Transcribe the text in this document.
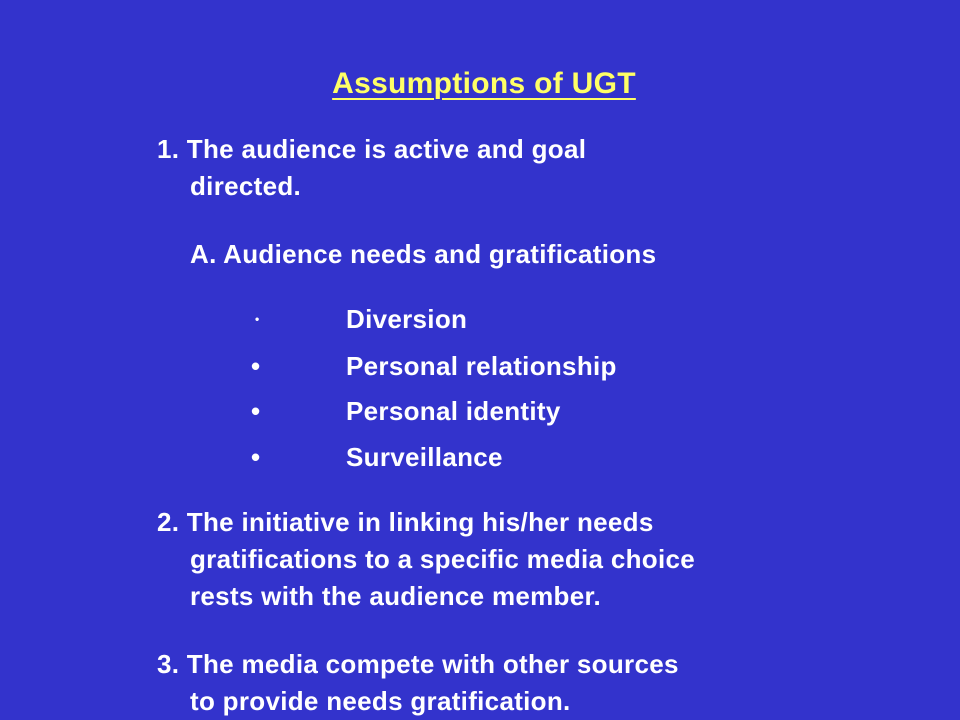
Assumptions of UGT
1. The audience is active and goal
directed.
A. Audience needs and gratifications
•	Diversion
•	Personal relationship
•	Personal identity
•	Surveillance
2. The initiative in linking his/her needs
gratifications to a specific media choice
rests with the audience member.
3. The media compete with other sources
to provide needs gratification.
